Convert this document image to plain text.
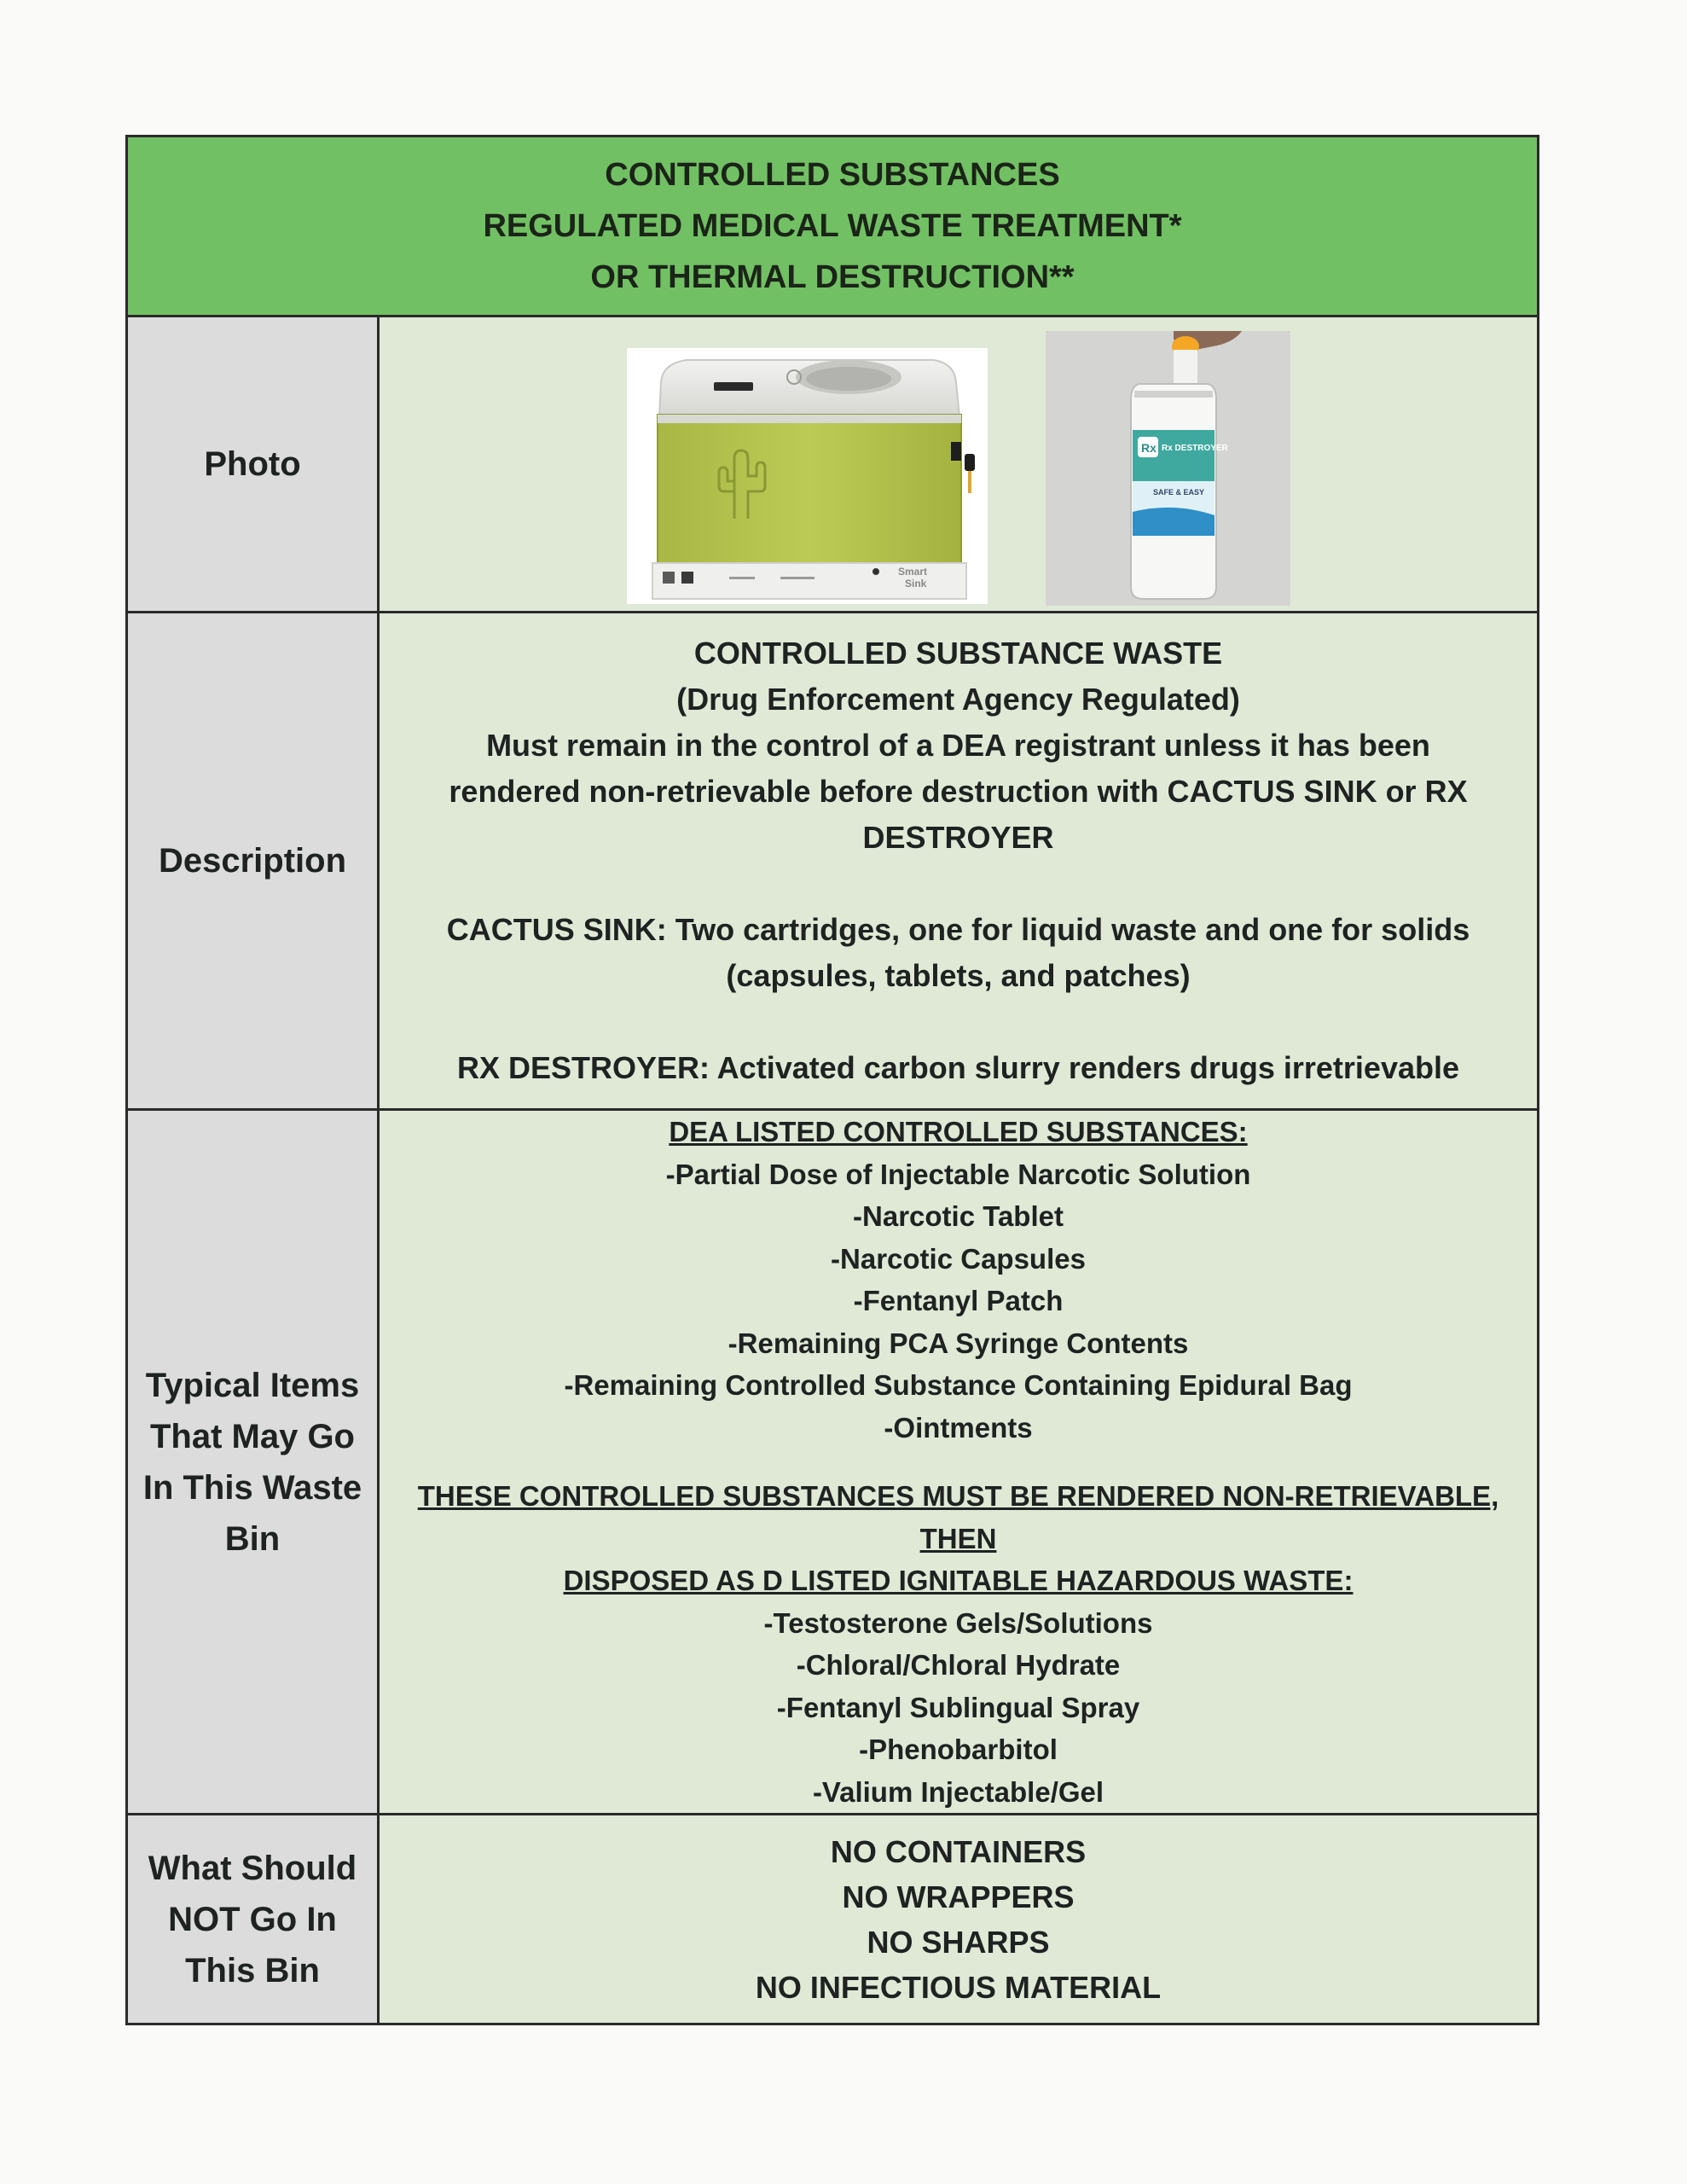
CONTROLLED SUBSTANCES
REGULATED MEDICAL WASTE TREATMENT*
OR THERMAL DESTRUCTION**
Photo
Smart
Sink
Rx Rx DESTROYER
SAFE & EASY
Description
CONTROLLED SUBSTANCE WASTE
(Drug Enforcement Agency Regulated)
Must remain in the control of a DEA registrant unless it has been
rendered non-retrievable before destruction with CACTUS SINK or RX
DESTROYER
CACTUS SINK: Two cartridges, one for liquid waste and one for solids
(capsules, tablets, and patches)
RX DESTROYER: Activated carbon slurry renders drugs irretrievable
Typical Items
That May Go
In This Waste
Bin
DEA LISTED CONTROLLED SUBSTANCES:
-Partial Dose of Injectable Narcotic Solution
-Narcotic Tablet
-Narcotic Capsules
-Fentanyl Patch
-Remaining PCA Syringe Contents
-Remaining Controlled Substance Containing Epidural Bag
-Ointments
THESE CONTROLLED SUBSTANCES MUST BE RENDERED NON-RETRIEVABLE, THEN
DISPOSED AS D LISTED IGNITABLE HAZARDOUS WASTE:
-Testosterone Gels/Solutions
-Chloral/Chloral Hydrate
-Fentanyl Sublingual Spray
-Phenobarbitol
-Valium Injectable/Gel
What Should
NOT Go In
This Bin
NO CONTAINERS
NO WRAPPERS
NO SHARPS
NO INFECTIOUS MATERIAL
